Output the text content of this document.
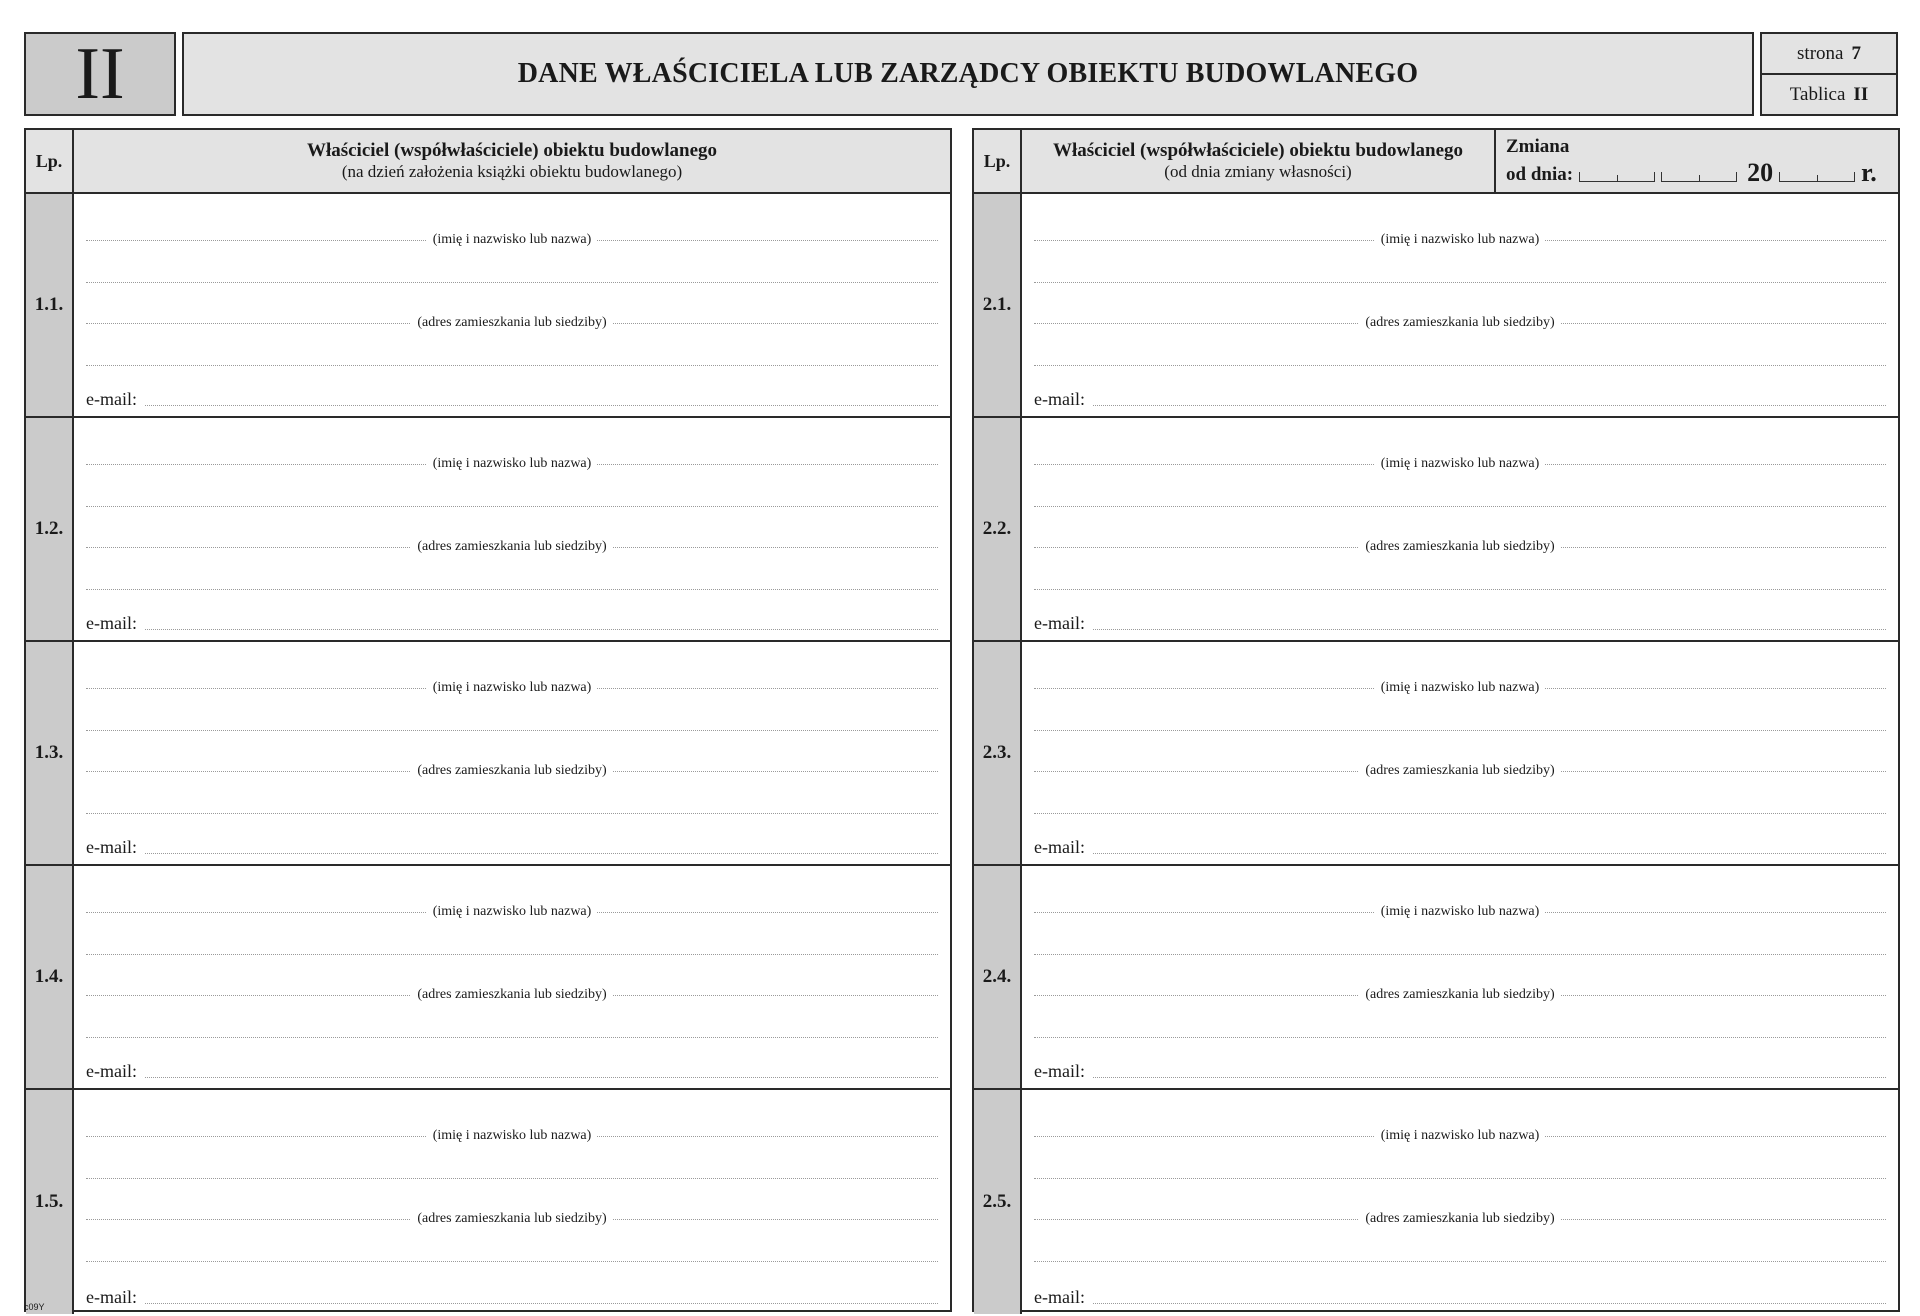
II	DANE WŁAŚCICIELA LUB ZARZĄDCY OBIEKTU BUDOWLANEGO
strona 7
Tablica II
Lp.	Właściciel (współwłaściciele) obiektu budowlanego
(na dzień założenia książki obiektu budowlanego)
1.1.
(imię i nazwisko lub nazwa)
(adres zamieszkania lub siedziby)
e-mail:
1.2.
(imię i nazwisko lub nazwa)
(adres zamieszkania lub siedziby)
e-mail:
1.3.
(imię i nazwisko lub nazwa)
(adres zamieszkania lub siedziby)
e-mail:
1.4.
(imię i nazwisko lub nazwa)
(adres zamieszkania lub siedziby)
e-mail:
1.5.
(imię i nazwisko lub nazwa)
(adres zamieszkania lub siedziby)
e-mail:
Lp.	Właściciel (współwłaściciele) obiektu budowlanego
(od dnia zmiany własności)
Zmiana
od dnia:	20	r.
2.1.
(imię i nazwisko lub nazwa)
(adres zamieszkania lub siedziby)
e-mail:
2.2.
(imię i nazwisko lub nazwa)
(adres zamieszkania lub siedziby)
e-mail:
2.3.
(imię i nazwisko lub nazwa)
(adres zamieszkania lub siedziby)
e-mail:
2.4.
(imię i nazwisko lub nazwa)
(adres zamieszkania lub siedziby)
e-mail:
2.5.
(imię i nazwisko lub nazwa)
(adres zamieszkania lub siedziby)
e-mail:
c09Y
